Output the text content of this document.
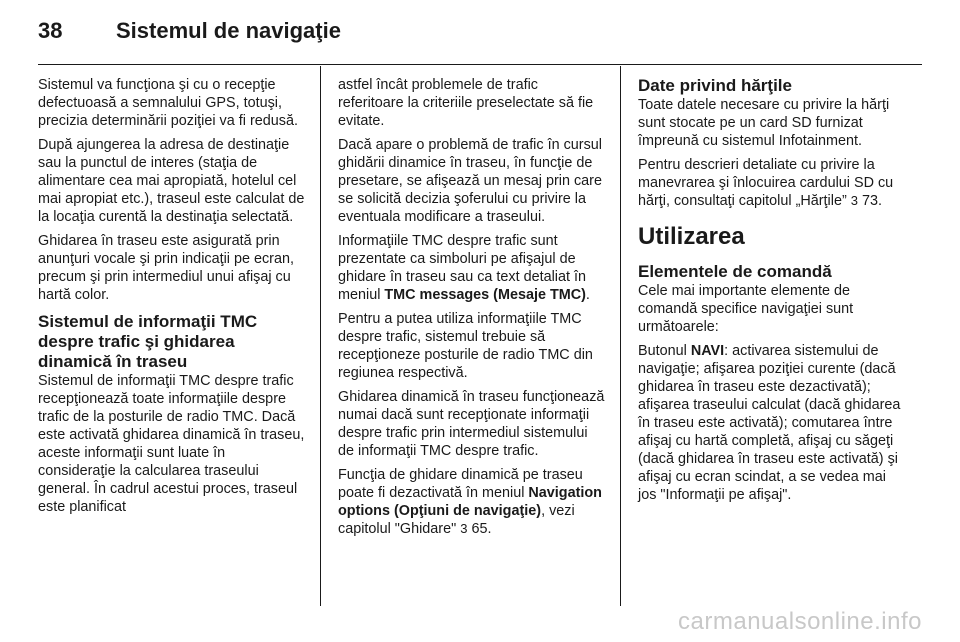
38	Sistemul de navigaţie

Sistemul va funcţiona şi cu o recepţie defectuoasă a semnalului GPS, totuşi, precizia determinării poziţiei va fi redusă.

După ajungerea la adresa de destinaţie sau la punctul de interes (staţia de alimentare cea mai apropiată, hotelul cel mai apropiat etc.), traseul este calculat de la locaţia curentă la destinaţia selectată.

Ghidarea în traseu este asigurată prin anunţuri vocale şi prin indicaţii pe ecran, precum şi prin intermediul unui afişaj cu hartă color.

Sistemul de informaţii TMC despre trafic şi ghidarea dinamică în traseu

Sistemul de informaţii TMC despre trafic recepţionează toate informaţiile despre trafic de la posturile de radio TMC. Dacă este activată ghidarea dinamică în traseu, aceste informaţii sunt luate în consideraţie la calcularea traseului general. În cadrul acestui proces, traseul este planificat

astfel încât problemele de trafic referitoare la criteriile preselectate să fie evitate.

Dacă apare o problemă de trafic în cursul ghidării dinamice în traseu, în funcţie de presetare, se afişează un mesaj prin care se solicită decizia şoferului cu privire la eventuala modificare a traseului.

Informaţiile TMC despre trafic sunt prezentate ca simboluri pe afişajul de ghidare în traseu sau ca text detaliat în meniul TMC messages (Mesaje TMC).

Pentru a putea utiliza informaţiile TMC despre trafic, sistemul trebuie să recepţioneze posturile de radio TMC din regiunea respectivă.

Ghidarea dinamică în traseu funcţionează numai dacă sunt recepţionate informaţii despre trafic prin intermediul sistemului de informaţii TMC despre trafic.

Funcţia de ghidare dinamică pe traseu poate fi dezactivată în meniul Navigation options (Opţiuni de navigaţie), vezi capitolul "Ghidare" 3 65.

Date privind hărţile

Toate datele necesare cu privire la hărţi sunt stocate pe un card SD furnizat împreună cu sistemul Infotainment.

Pentru descrieri detaliate cu privire la manevrarea şi înlocuirea cardului SD cu hărţi, consultaţi capitolul „Hărţile” 3 73.

Utilizarea
Elementele de comandă

Cele mai importante elemente de comandă specifice navigaţiei sunt următoarele:

Butonul NAVI: activarea sistemului de navigaţie; afişarea poziţiei curente (dacă ghidarea în traseu este dezactivată); afişarea traseului calculat (dacă ghidarea în traseu este activată); comutarea între afişaj cu hartă completă, afişaj cu săgeţi (dacă ghidarea în traseu este activată) şi afişaj cu ecran scindat, a se vedea mai jos "Informaţii pe afişaj".

carmanualsonline.info
